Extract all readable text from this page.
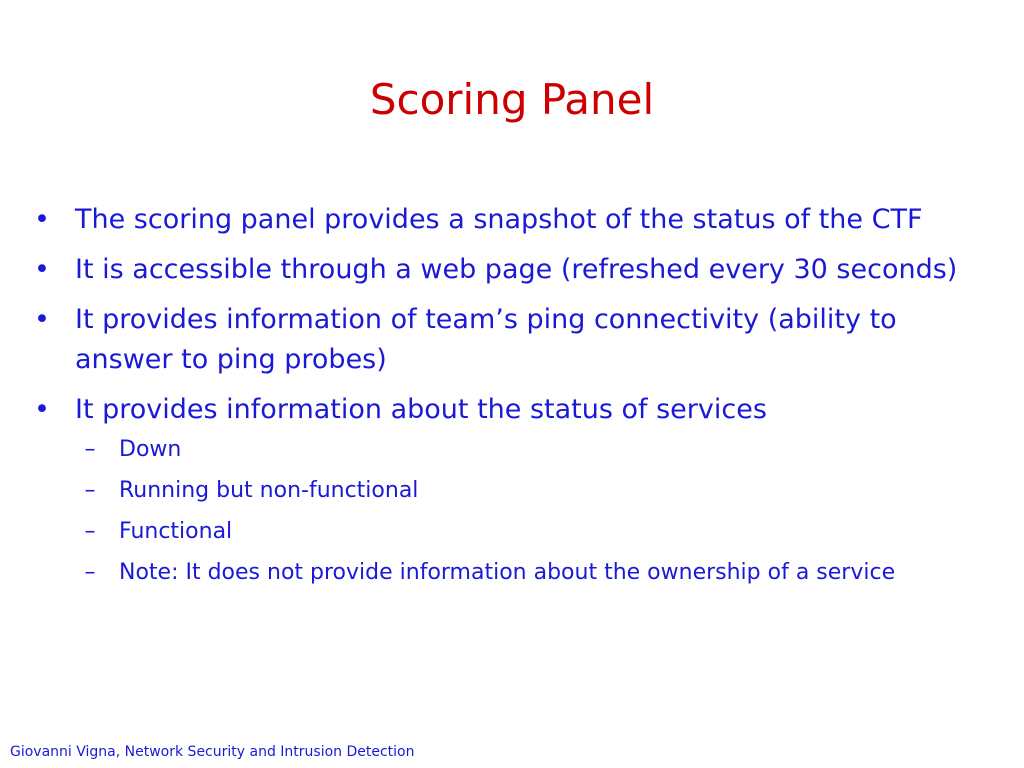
Scoring Panel
• The scoring panel provides a snapshot of the status of the CTF
• It is accessible through a web page (refreshed every 30 seconds)
• It provides information of team’s ping connectivity (ability to answer to ping probes)
• It provides information about the status of services
–	Down
–	Running but non-functional
–	Functional
–	Note: It does not provide information about the ownership of a service
Giovanni Vigna, Network Security and Intrusion Detection
